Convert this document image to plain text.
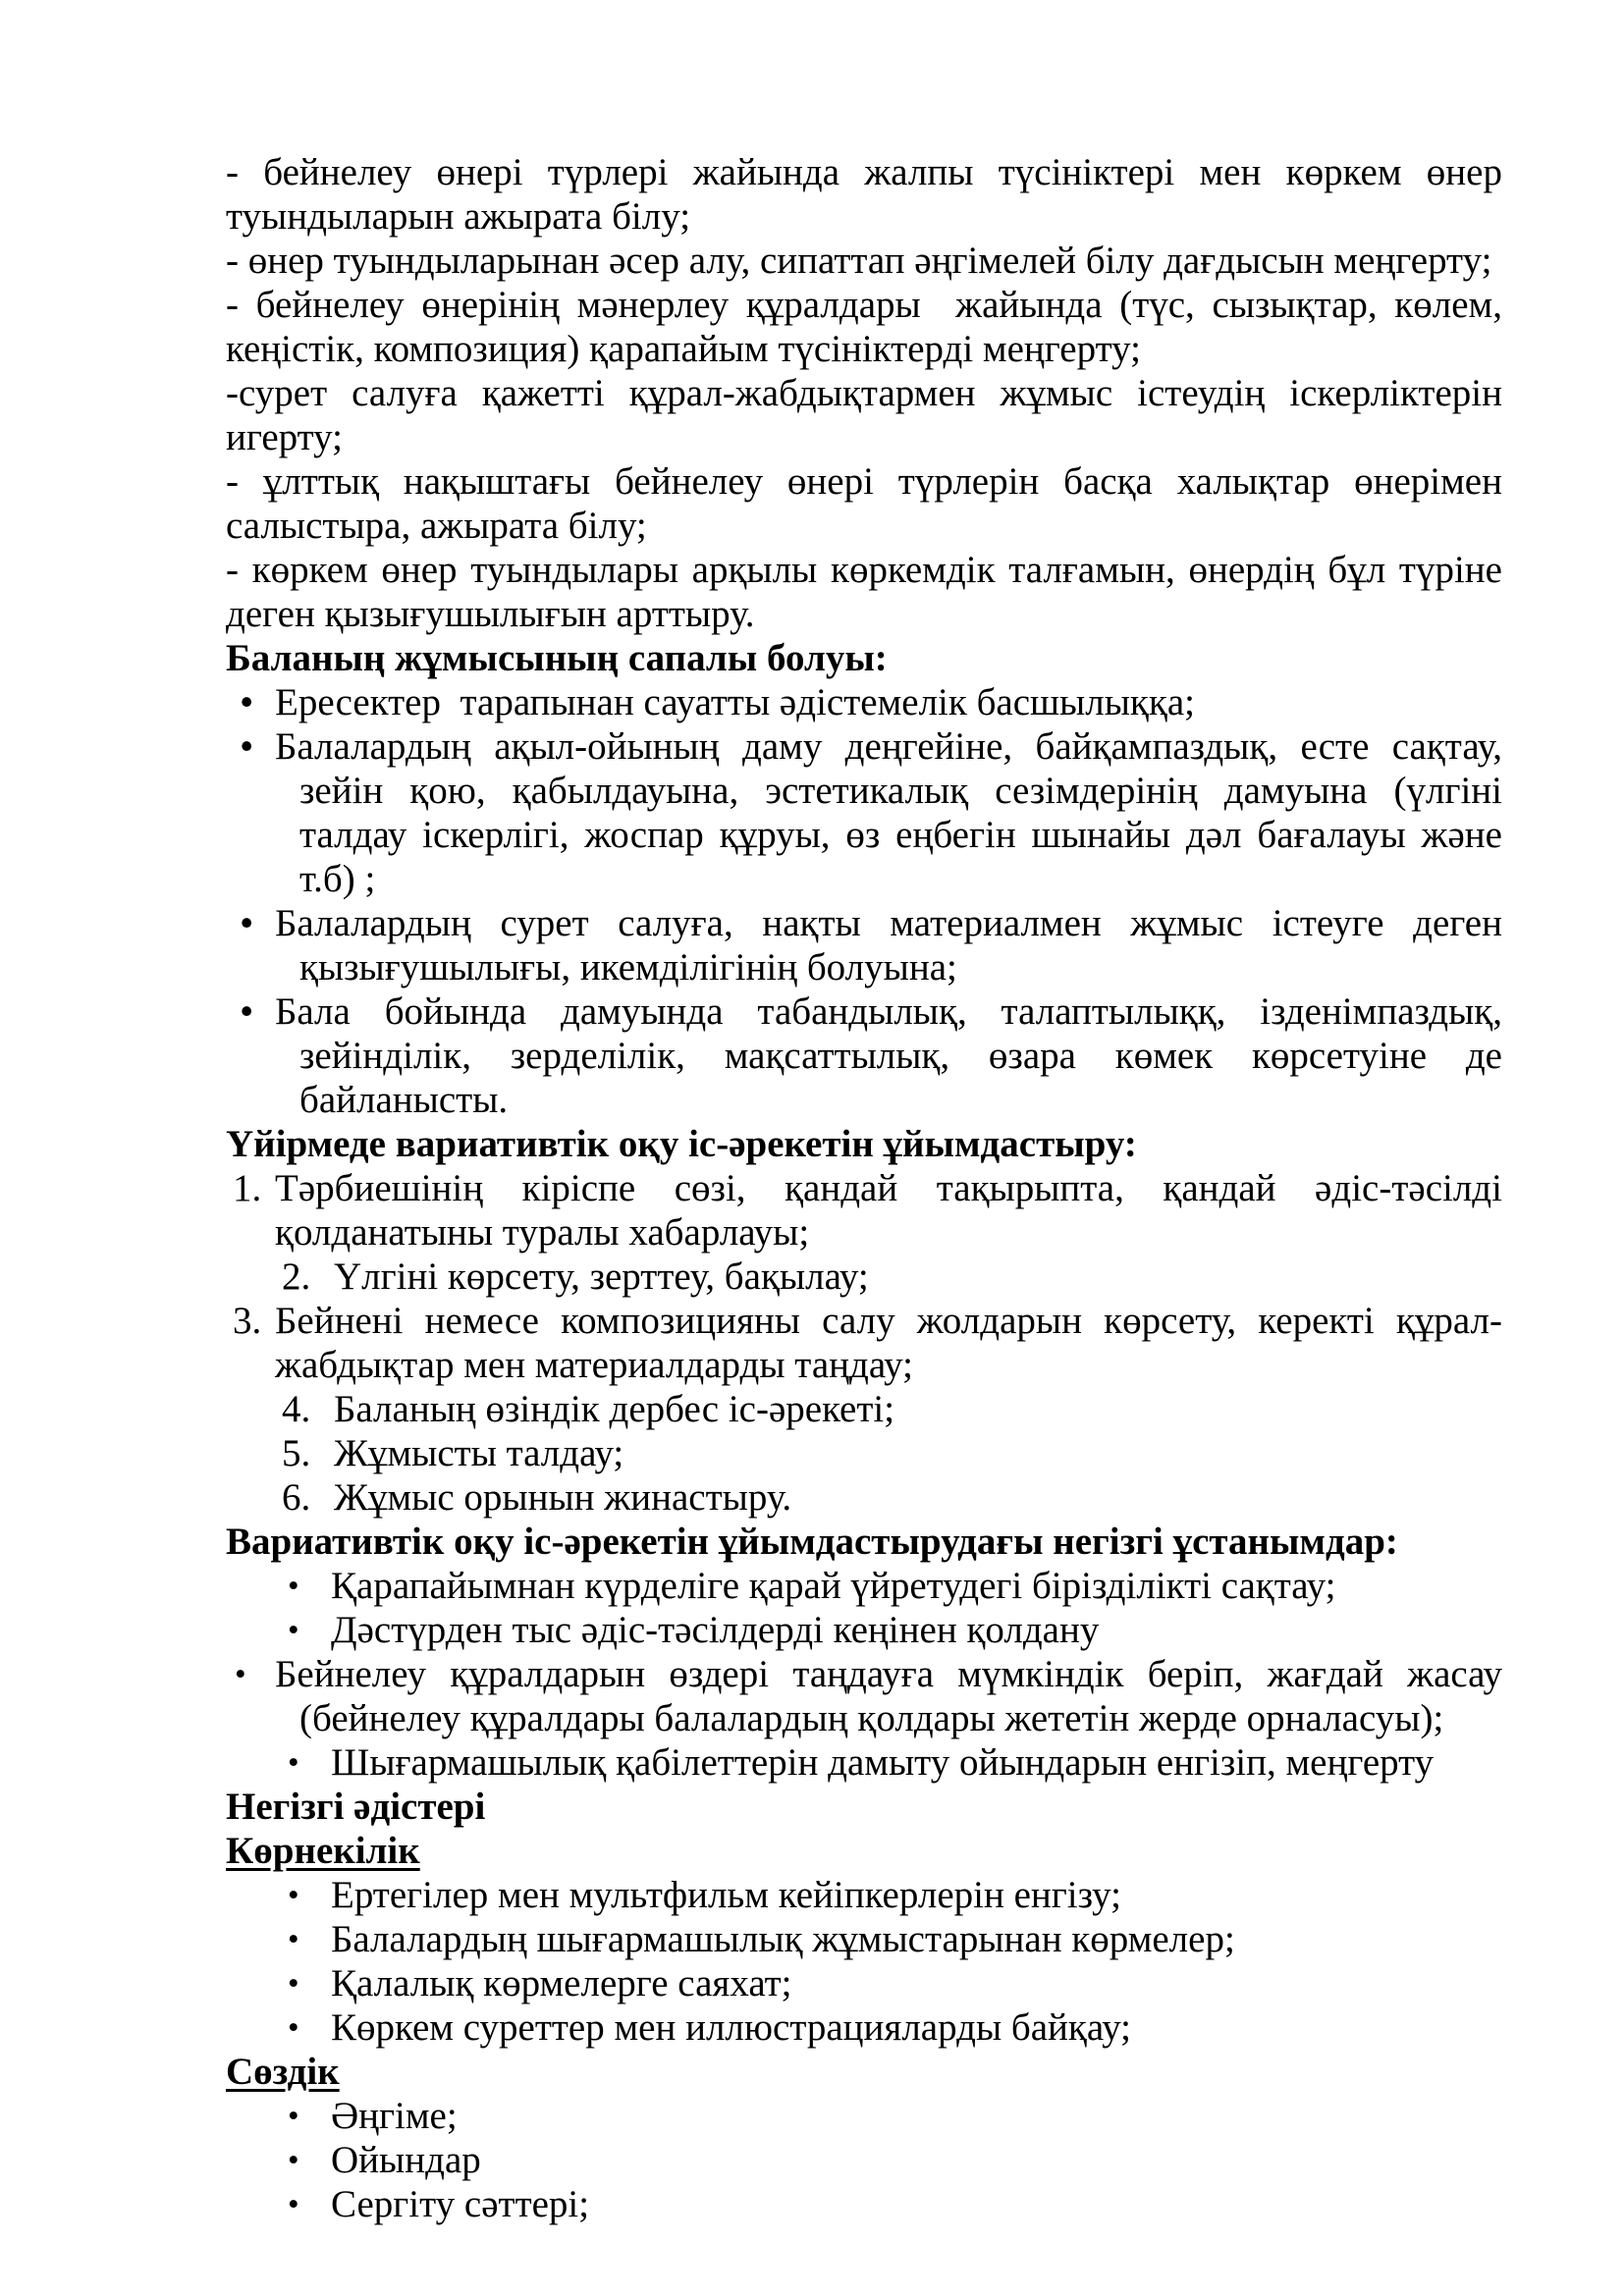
- бейнелеу өнері түрлері жайында жалпы түсініктері мен көркем өнер туындыларын ажырата білу;
- өнер туындыларынан әсер алу, сипаттап әңгімелей білу дағдысын меңгерту;
- бейнелеу өнерінің мәнерлеу құралдары  жайында (түс, сызықтар, көлем, кеңістік, композиция) қарапайым түсініктерді меңгерту;
-сурет салуға қажетті құрал-жабдықтармен жұмыс істеудің іскерліктерін игерту;
- ұлттық нақыштағы бейнелеу өнері түрлерін басқа халықтар өнерімен салыстыра, ажырата білу;
- көркем өнер туындылары арқылы көркемдік талғамын, өнердің бұл түріне деген қызығушылығын арттыру.
Баланың жұмысының сапалы болуы:
• Ересектер  тарапынан сауатты әдістемелік басшылыққа;
• Балалардың ақыл-ойының даму деңгейіне, байқампаздық, есте сақтау, зейін қою, қабылдауына, эстетикалық сезімдерінің дамуына (үлгіні талдау іскерлігі, жоспар құруы, өз еңбегін шынайы дәл бағалауы және т.б) ;
• Балалардың сурет салуға, нақты материалмен жұмыс істеуге деген қызығушылығы, икемділігінің болуына;
• Бала бойында дамуында табандылық, талаптылыққ, ізденімпаздық, зейінділік, зерделілік, мақсаттылық, өзара көмек көрсетуіне де байланысты.
Үйірмеде вариативтік оқу іс-әрекетін ұйымдастыру:
1. Тәрбиешінің кіріспе сөзі, қандай тақырыпта, қандай әдіс-тәсілді қолданатыны туралы хабарлауы;
2. Үлгіні көрсету, зерттеу, бақылау;
3. Бейнені немесе композицияны салу жолдарын көрсету, керекті құрал-жабдықтар мен материалдарды таңдау;
4. Баланың өзіндік дербес іс-әрекеті;
5. Жұмысты талдау;
6. Жұмыс орынын жинастыру.
Вариативтік оқу іс-әрекетін ұйымдастырудағы негізгі ұстанымдар:
• Қарапайымнан күрделіге қарай үйретудегі бірізділікті сақтау;
• Дәстүрден тыс әдіс-тәсілдерді кеңінен қолдану
• Бейнелеу құралдарын өздері таңдауға мүмкіндік беріп, жағдай жасау (бейнелеу құралдары балалардың қолдары жететін жерде орналасуы);
• Шығармашылық қабілеттерін дамыту ойындарын енгізіп, меңгерту
Негізгі әдістері
Көрнекілік
• Ертегілер мен мультфильм кейіпкерлерін енгізу;
• Балалардың шығармашылық жұмыстарынан көрмелер;
• Қалалық көрмелерге саяхат;
• Көркем суреттер мен иллюстрацияларды байқау;
Сөздік
• Әңгіме;
• Ойындар
• Сергіту сәттері;
